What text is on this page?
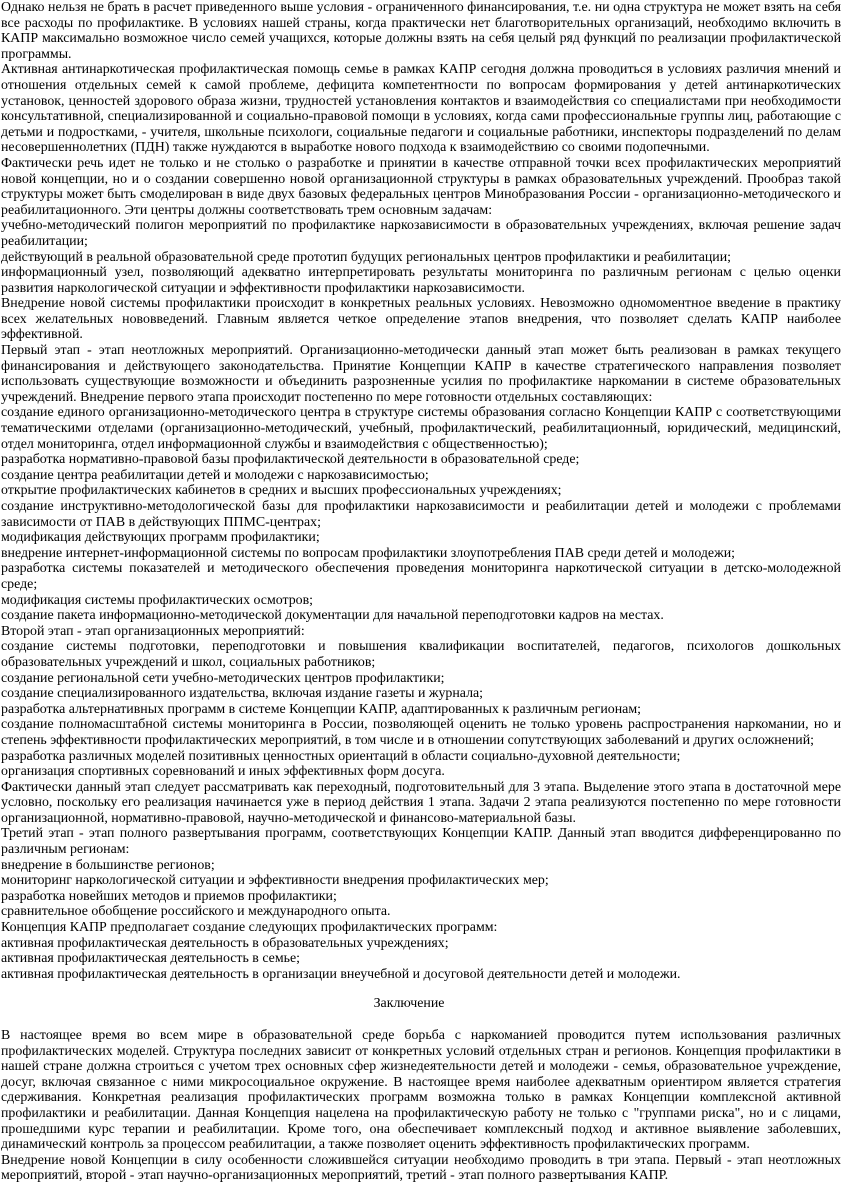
Однако нельзя не брать в расчет приведенного выше условия - ограниченного финансирования, т.е. ни одна структура не может взять на себя все расходы по профилактике. В условиях нашей страны, когда практически нет благотворительных организаций, необходимо включить в КАПР максимально возможное число семей учащихся, которые должны взять на себя целый ряд функций по реализации профилактической программы.

Активная антинаркотическая профилактическая помощь семье в рамках КАПР сегодня должна проводиться в условиях различия мнений и отношения отдельных семей к самой проблеме, дефицита компетентности по вопросам формирования у детей антинаркотических установок, ценностей здорового образа жизни, трудностей установления контактов и взаимодействия со специалистами при необходимости консультативной, специализированной и социально-правовой помощи в условиях, когда сами профессиональные группы лиц, работающие с детьми и подростками, - учителя, школьные психологи, социальные педагоги и социальные работники, инспекторы подразделений по делам несовершеннолетних (ПДН) также нуждаются в выработке нового подхода к взаимодействию со своими подопечными.

Фактически речь идет не только и не столько о разработке и принятии в качестве отправной точки всех профилактических мероприятий новой концепции, но и о создании совершенно новой организационной структуры в рамках образовательных учреждений. Прообраз такой структуры может быть смоделирован в виде двух базовых федеральных центров Минобразования России - организационно-методического и реабилитационного. Эти центры должны соответствовать трем основным задачам:

учебно-методический полигон мероприятий по профилактике наркозависимости в образовательных учреждениях, включая решение задач реабилитации;

действующий в реальной образовательной среде прототип будущих региональных центров профилактики и реабилитации;

информационный узел, позволяющий адекватно интерпретировать результаты мониторинга по различным регионам с целью оценки развития наркологической ситуации и эффективности профилактики наркозависимости.

Внедрение новой системы профилактики происходит в конкретных реальных условиях. Невозможно одномоментное введение в практику всех желательных нововведений. Главным является четкое определение этапов внедрения, что позволяет сделать КАПР наиболее эффективной.

Первый этап - этап неотложных мероприятий. Организационно-методически данный этап может быть реализован в рамках текущего финансирования и действующего законодательства. Принятие Концепции КАПР в качестве стратегического направления позволяет использовать существующие возможности и объединить разрозненные усилия по профилактике наркомании в системе образовательных учреждений. Внедрение первого этапа происходит постепенно по мере готовности отдельных составляющих:

создание единого организационно-методического центра в структуре системы образования согласно Концепции КАПР с соответствующими тематическими отделами (организационно-методический, учебный, профилактический, реабилитационный, юридический, медицинский, отдел мониторинга, отдел информационной службы и взаимодействия с общественностью);

разработка нормативно-правовой базы профилактической деятельности в образовательной среде;

создание центра реабилитации детей и молодежи с наркозависимостью;

открытие профилактических кабинетов в средних и высших профессиональных учреждениях;

создание инструктивно-методологической базы для профилактики наркозависимости и реабилитации детей и молодежи с проблемами зависимости от ПАВ в действующих ППМС-центрах;

модификация действующих программ профилактики;

внедрение интернет-информационной системы по вопросам профилактики злоупотребления ПАВ среди детей и молодежи;

разработка системы показателей и методического обеспечения проведения мониторинга наркотической ситуации в детско-молодежной среде;

модификация системы профилактических осмотров;

создание пакета информационно-методической документации для начальной переподготовки кадров на местах.

Второй этап - этап организационных мероприятий:

создание системы подготовки, переподготовки и повышения квалификации воспитателей, педагогов, психологов дошкольных образовательных учреждений и школ, социальных работников;

создание региональной сети учебно-методических центров профилактики;

создание специализированного издательства, включая издание газеты и журнала;

разработка альтернативных программ в системе Концепции КАПР, адаптированных к различным регионам;

создание полномасштабной системы мониторинга в России, позволяющей оценить не только уровень распространения наркомании, но и степень эффективности профилактических мероприятий, в том числе и в отношении сопутствующих заболеваний и других осложнений;

разработка различных моделей позитивных ценностных ориентаций в области социально-духовной деятельности;

организация спортивных соревнований и иных эффективных форм досуга.

Фактически данный этап следует рассматривать как переходный, подготовительный для 3 этапа. Выделение этого этапа в достаточной мере условно, поскольку его реализация начинается уже в период действия 1 этапа. Задачи 2 этапа реализуются постепенно по мере готовности организационной, нормативно-правовой, научно-методической и финансово-материальной базы.

Третий этап - этап полного развертывания программ, соответствующих Концепции КАПР. Данный этап вводится дифференцированно по различным регионам:

внедрение в большинстве регионов;

мониторинг наркологической ситуации и эффективности внедрения профилактических мер;

разработка новейших методов и приемов профилактики;

сравнительное обобщение российского и международного опыта.

Концепция КАПР предполагает создание следующих профилактических программ:

активная профилактическая деятельность в образовательных учреждениях;

активная профилактическая деятельность в семье;

активная профилактическая деятельность в организации внеучебной и досуговой деятельности детей и молодежи.

Заключение

В настоящее время во всем мире в образовательной среде борьба с наркоманией проводится путем использования различных профилактических моделей. Структура последних зависит от конкретных условий отдельных стран и регионов. Концепция профилактики в нашей стране должна строиться с учетом трех основных сфер жизнедеятельности детей и молодежи - семья, образовательное учреждение, досуг, включая связанное с ними микросоциальное окружение. В настоящее время наиболее адекватным ориентиром является стратегия сдерживания. Конкретная реализация профилактических программ возможна только в рамках Концепции комплексной активной профилактики и реабилитации. Данная Концепция нацелена на профилактическую работу не только с "группами риска", но и с лицами, прошедшими курс терапии и реабилитации. Кроме того, она обеспечивает комплексный подход и активное выявление заболевших, динамический контроль за процессом реабилитации, а также позволяет оценить эффективность профилактических программ.

Внедрение новой Концепции в силу особенности сложившейся ситуации необходимо проводить в три этапа. Первый - этап неотложных мероприятий, второй - этап научно-организационных мероприятий, третий - этап полного развертывания КАПР.
